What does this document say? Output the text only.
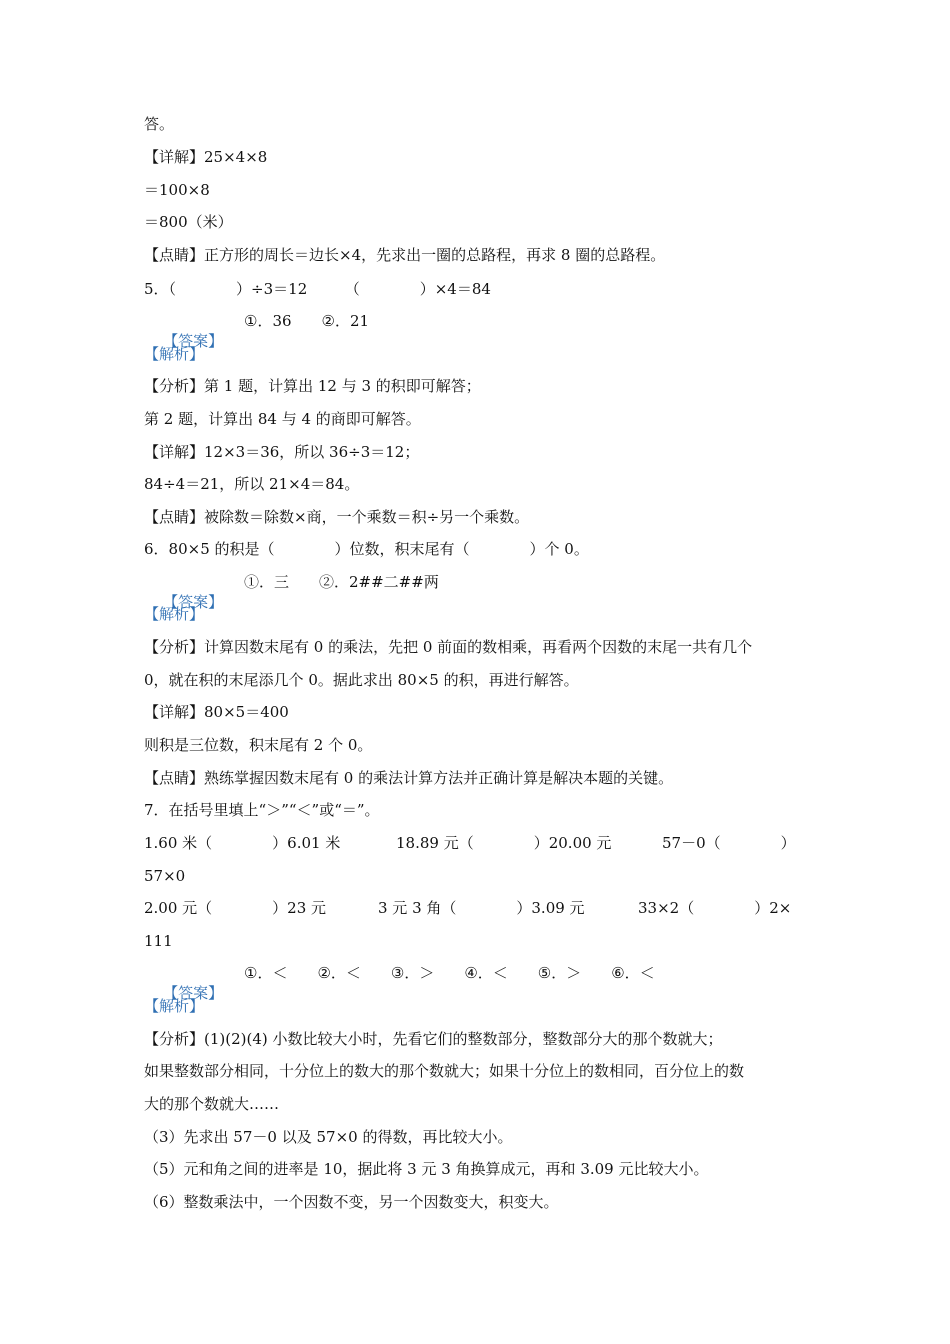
答。
【详解】25×4×8
＝100×8
＝800（米）
【点睛】正方形的周长＝边长×4，先求出一圈的总路程，再求 8 圈的总路程。
5．（　　　　）÷3＝12　　　（　　　　）×4＝84

【答案】
①．36　　②．21

【解析】
【分析】第 1 题，计算出 12 与 3 的积即可解答；
第 2 题，计算出 84 与 4 的商即可解答。
【详解】12×3＝36，所以 36÷3＝12；
84÷4＝21，所以 21×4＝84。
【点睛】被除数＝除数×商，一个乘数＝积÷另一个乘数。
6．80×5 的积是（　　　　）位数，积末尾有（　　　　）个 0。

【答案】
①．三　　②．2##二##两

【解析】
【分析】计算因数末尾有 0 的乘法，先把 0 前面的数相乘，再看两个因数的末尾一共有几个
0，就在积的末尾添几个 0。据此求出 80×5 的积，再进行解答。
【详解】80×5＝400
则积是三位数，积末尾有 2 个 0。
【点睛】熟练掌握因数末尾有 0 的乘法计算方法并正确计算是解决本题的关键。
7．在括号里填上“＞”“＜”或“＝”。

1.60 米（　　　　）6.01 米

	18.89 元（　　　　）20.00 元

	57－0（　　　　）

57×0

2.00 元（　　　　）23 元

	3 元 3 角（　　　　）3.09 元

	33×2（　　　　）2×

111

【答案】
①．＜　　②．＜　　③．＞　　④．＜　　⑤．＞　　⑥．＜

【解析】
【分析】(1)(2)(4) 小数比较大小时，先看它们的整数部分，整数部分大的那个数就大；
如果整数部分相同，十分位上的数大的那个数就大；如果十分位上的数相同，百分位上的数
大的那个数就大……
（3）先求出 57－0 以及 57×0 的得数，再比较大小。
（5）元和角之间的进率是 10，据此将 3 元 3 角换算成元，再和 3.09 元比较大小。
（6）整数乘法中，一个因数不变，另一个因数变大，积变大。
